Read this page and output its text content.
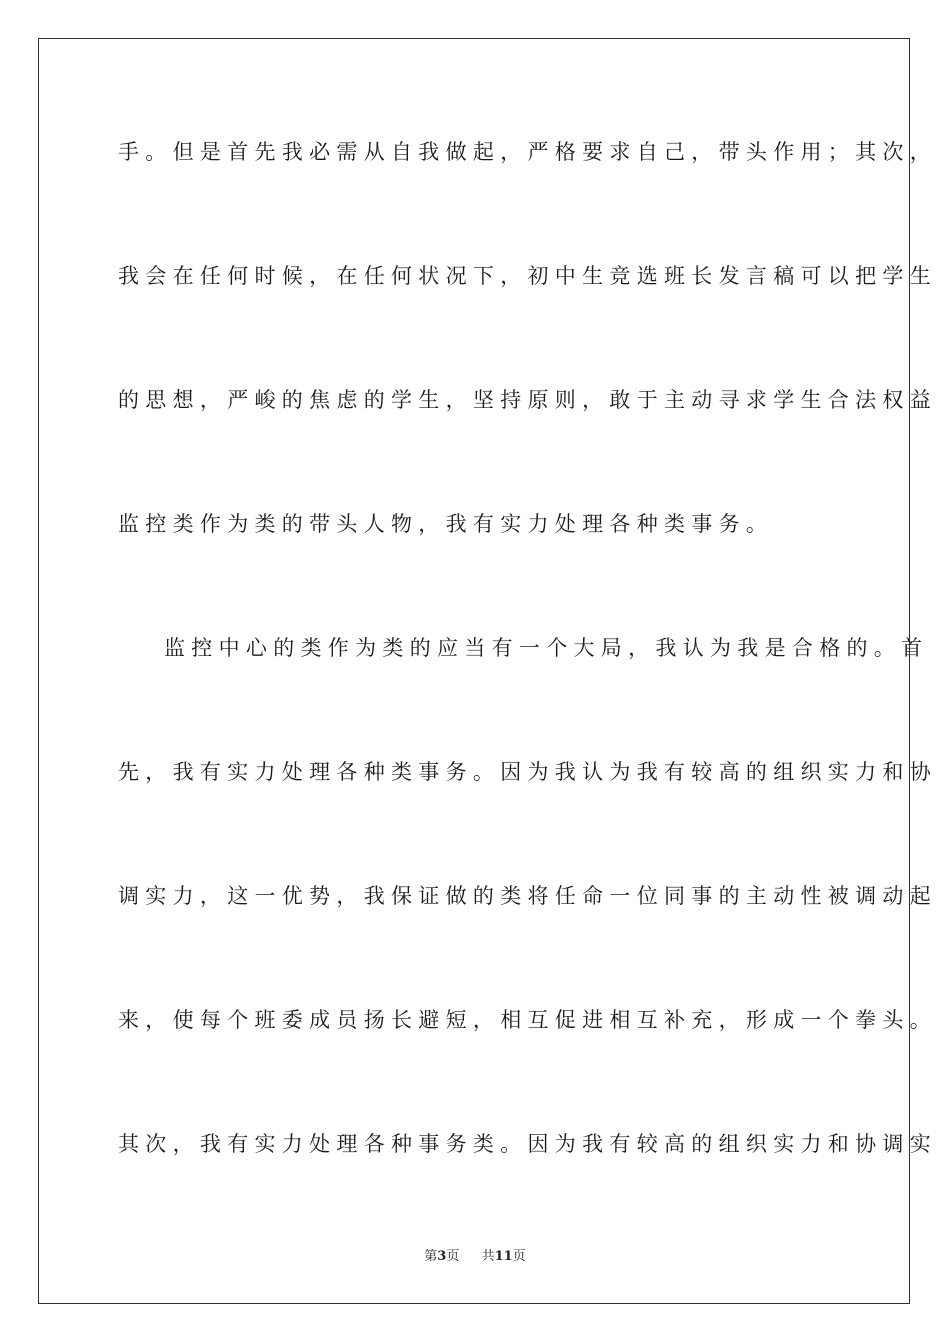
手。但是首先我必需从自我做起，严格要求自己，带头作用；其次，
我会在任何时候，在任何状况下，初中生竞选班长发言稿可以把学生
的思想，严峻的焦虑的学生，坚持原则，敢于主动寻求学生合法权益
监控类作为类的带头人物，我有实力处理各种类事务。
监控中心的类作为类的应当有一个大局，我认为我是合格的。首
先，我有实力处理各种类事务。因为我认为我有较高的组织实力和协
调实力，这一优势，我保证做的类将任命一位同事的主动性被调动起
来，使每个班委成员扬长避短，相互促进相互补充，形成一个拳头。
其次，我有实力处理各种事务类。因为我有较高的组织实力和协调实
第3页 共11页
